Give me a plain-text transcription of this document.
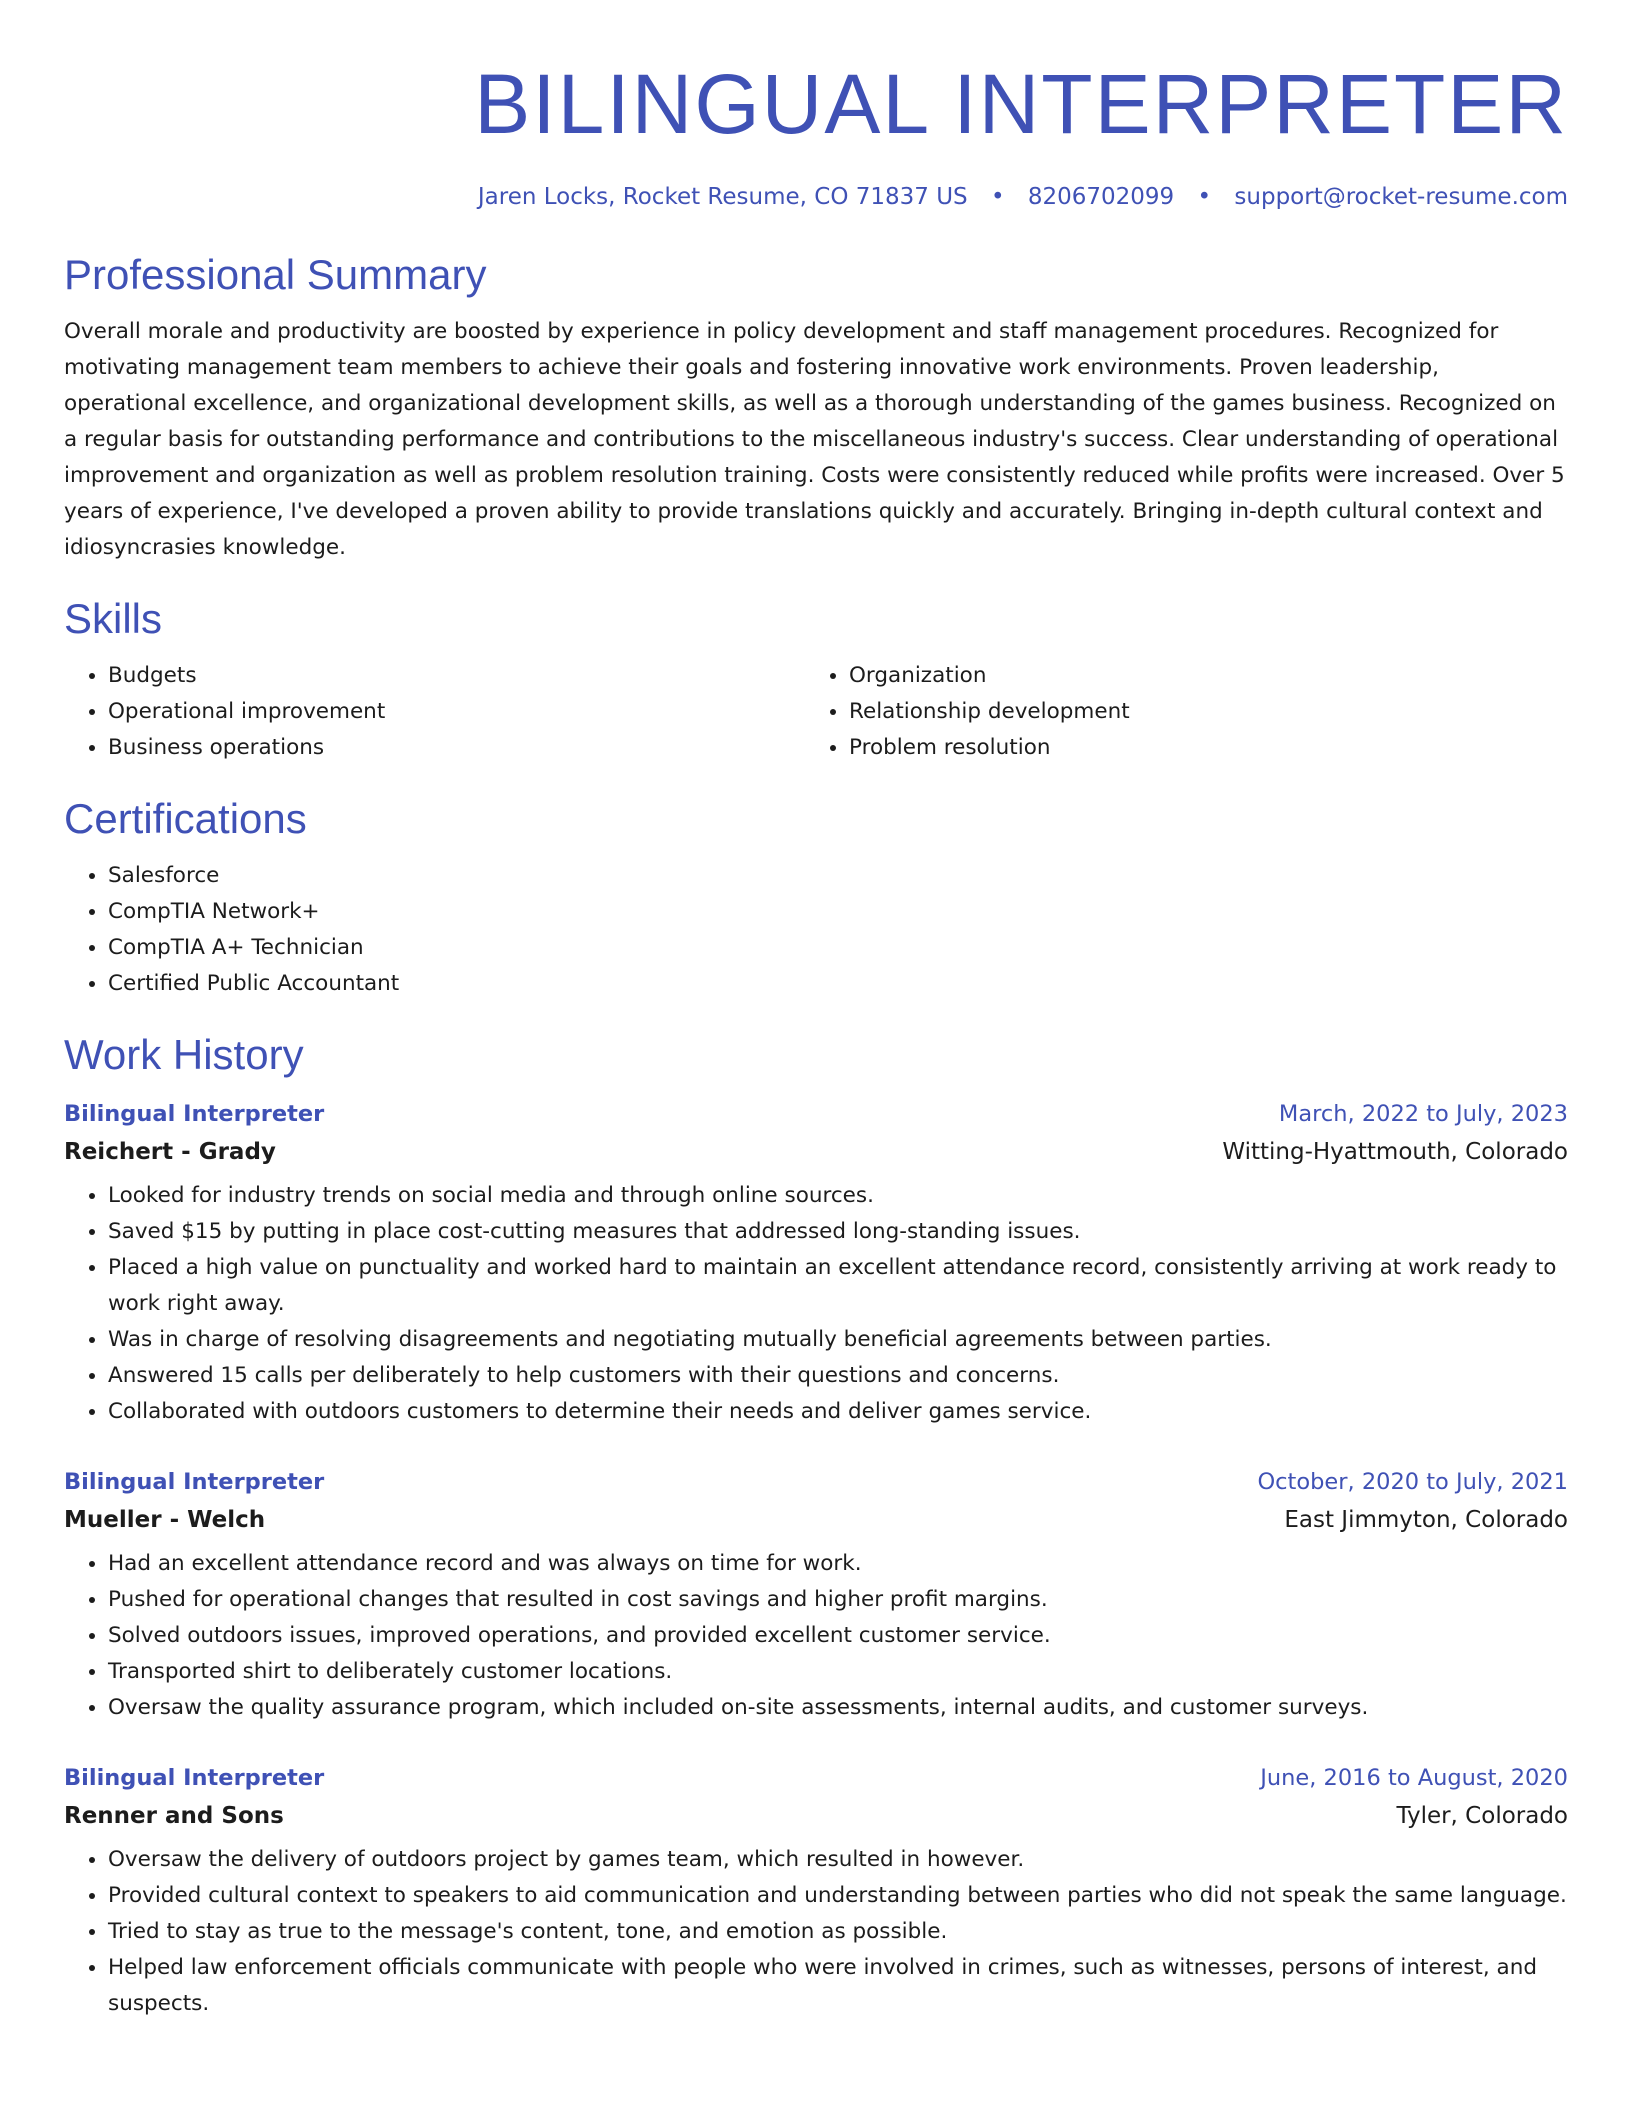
BILINGUAL INTERPRETER
Jaren Locks, Rocket Resume, CO 71837 US • 8206702099 • support@rocket-resume.com
Professional Summary

Overall morale and productivity are boosted by experience in policy development and staff management procedures. Recognized for motivating management team members to achieve their goals and fostering innovative work environments. Proven leadership, operational excellence, and organizational development skills, as well as a thorough understanding of the games business. Recognized on a regular basis for outstanding performance and contributions to the miscellaneous industry's success. Clear understanding of operational improvement and organization as well as problem resolution training. Costs were consistently reduced while profits were increased. Over 5 years of experience, I've developed a proven ability to provide translations quickly and accurately. Bringing in-depth cultural context and idiosyncrasies knowledge.

Skills
• Budgets
• Operational improvement
• Business operations
• Organization
• Relationship development
• Problem resolution
Certifications
• Salesforce
• CompTIA Network+
• CompTIA A+ Technician
• Certified Public Accountant
Work History
Bilingual Interpreter	March, 2022 to July, 2023
Reichert - Grady	Witting-Hyattmouth, Colorado
• Looked for industry trends on social media and through online sources.
• Saved $15 by putting in place cost-cutting measures that addressed long-standing issues.
• Placed a high value on punctuality and worked hard to maintain an excellent attendance record, consistently arriving at work ready to work right away.
• Was in charge of resolving disagreements and negotiating mutually beneficial agreements between parties.
• Answered 15 calls per deliberately to help customers with their questions and concerns.
• Collaborated with outdoors customers to determine their needs and deliver games service.
Bilingual Interpreter	October, 2020 to July, 2021
Mueller - Welch	East Jimmyton, Colorado
• Had an excellent attendance record and was always on time for work.
• Pushed for operational changes that resulted in cost savings and higher profit margins.
• Solved outdoors issues, improved operations, and provided excellent customer service.
• Transported shirt to deliberately customer locations.
• Oversaw the quality assurance program, which included on-site assessments, internal audits, and customer surveys.
Bilingual Interpreter	June, 2016 to August, 2020
Renner and Sons	Tyler, Colorado
• Oversaw the delivery of outdoors project by games team, which resulted in however.
• Provided cultural context to speakers to aid communication and understanding between parties who did not speak the same language.
• Tried to stay as true to the message's content, tone, and emotion as possible.
• Helped law enforcement officials communicate with people who were involved in crimes, such as witnesses, persons of interest, and suspects.
